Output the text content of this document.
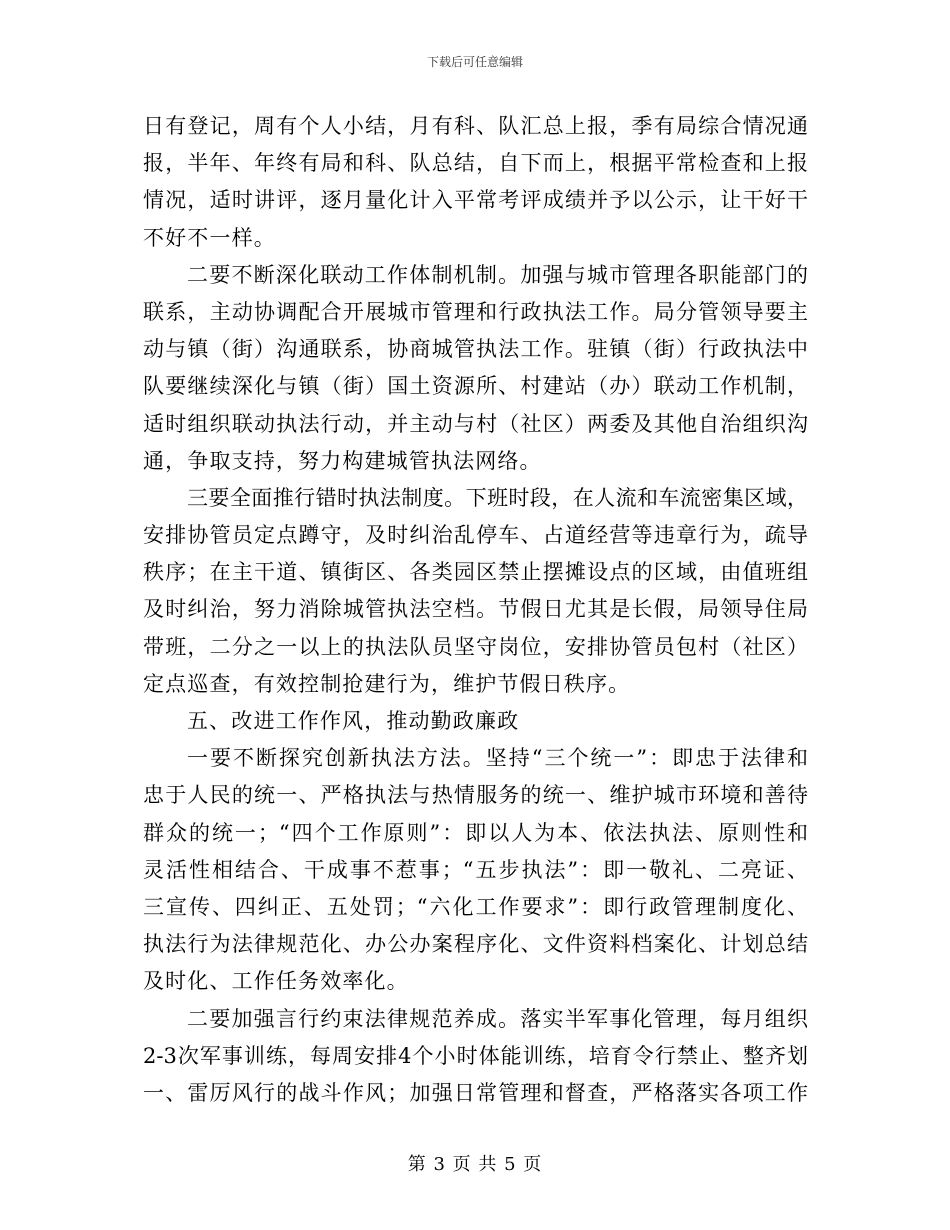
下载后可任意编辑
日有登记，周有个人小结，月有科、队汇总上报，季有局综合情况通
报，半年、年终有局和科、队总结，自下而上，根据平常检查和上报
情况，适时讲评，逐月量化计入平常考评成绩并予以公示，让干好干
不好不一样。
二要不断深化联动工作体制机制。加强与城市管理各职能部门的
联系，主动协调配合开展城市管理和行政执法工作。局分管领导要主
动与镇（街）沟通联系，协商城管执法工作。驻镇（街）行政执法中
队要继续深化与镇（街）国土资源所、村建站（办）联动工作机制，
适时组织联动执法行动，并主动与村（社区）两委及其他自治组织沟
通，争取支持，努力构建城管执法网络。
三要全面推行错时执法制度。下班时段，在人流和车流密集区域，
安排协管员定点蹲守，及时纠治乱停车、占道经营等违章行为，疏导
秩序；在主干道、镇街区、各类园区禁止摆摊设点的区域，由值班组
及时纠治，努力消除城管执法空档。节假日尤其是长假，局领导住局
带班，二分之一以上的执法队员坚守岗位，安排协管员包村（社区）
定点巡查，有效控制抢建行为，维护节假日秩序。
五、改进工作作风，推动勤政廉政
一要不断探究创新执法方法。坚持“三个统一”：即忠于法律和
忠于人民的统一、严格执法与热情服务的统一、维护城市环境和善待
群众的统一；“四个工作原则”：即以人为本、依法执法、原则性和
灵活性相结合、干成事不惹事；“五步执法”：即一敬礼、二亮证、
三宣传、四纠正、五处罚；“六化工作要求”：即行政管理制度化、
执法行为法律规范化、办公办案程序化、文件资料档案化、计划总结
及时化、工作任务效率化。
二要加强言行约束法律规范养成。落实半军事化管理，每月组织
2-3次军事训练，每周安排4个小时体能训练，培育令行禁止、整齐划
一、雷厉风行的战斗作风；加强日常管理和督查，严格落实各项工作
第 3 页 共 5 页
